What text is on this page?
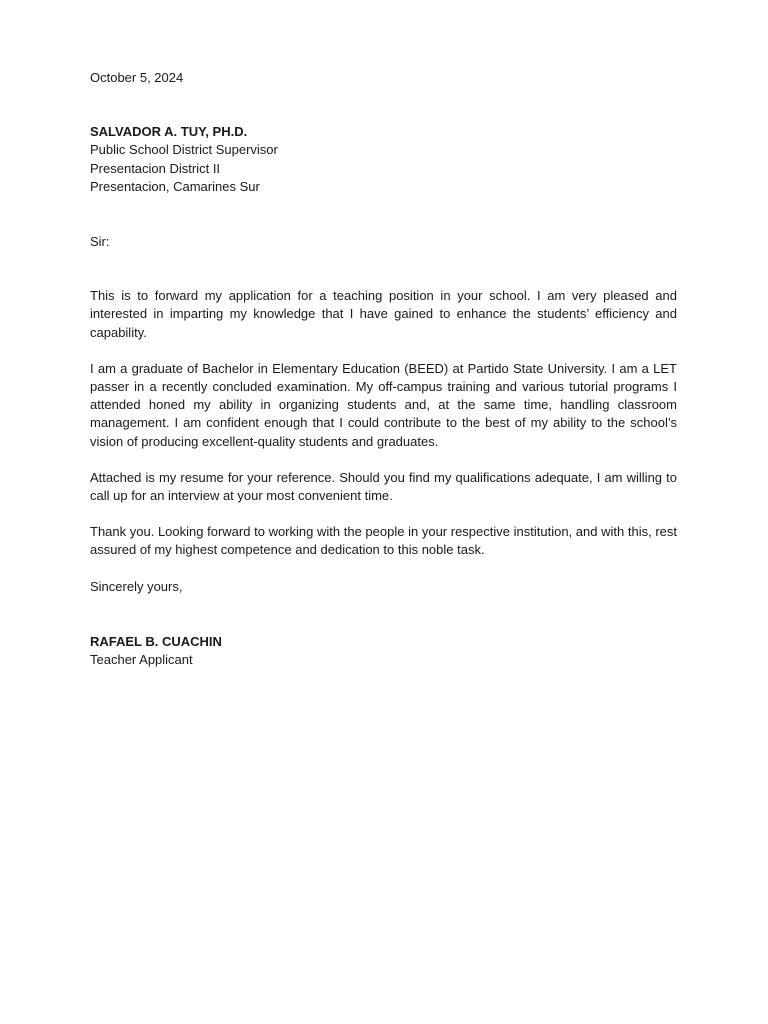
October 5, 2024
SALVADOR A. TUY, PH.D.
Public School District Supervisor
Presentacion District II
Presentacion, Camarines Sur
Sir:

This is to forward my application for a teaching position in your school. I am very pleased and interested in imparting my knowledge that I have gained to enhance the students’ efficiency and capability.

I am a graduate of Bachelor in Elementary Education (BEED) at Partido State University. I am a LET passer in a recently concluded examination. My off-campus training and various tutorial programs I attended honed my ability in organizing students and, at the same time, handling classroom management. I am confident enough that I could contribute to the best of my ability to the school’s vision of producing excellent-quality students and graduates.

Attached is my resume for your reference. Should you find my qualifications adequate, I am willing to call up for an interview at your most convenient time.

Thank you. Looking forward to working with the people in your respective institution, and with this, rest assured of my highest competence and dedication to this noble task.

Sincerely yours,
RAFAEL B. CUACHIN
Teacher Applicant
